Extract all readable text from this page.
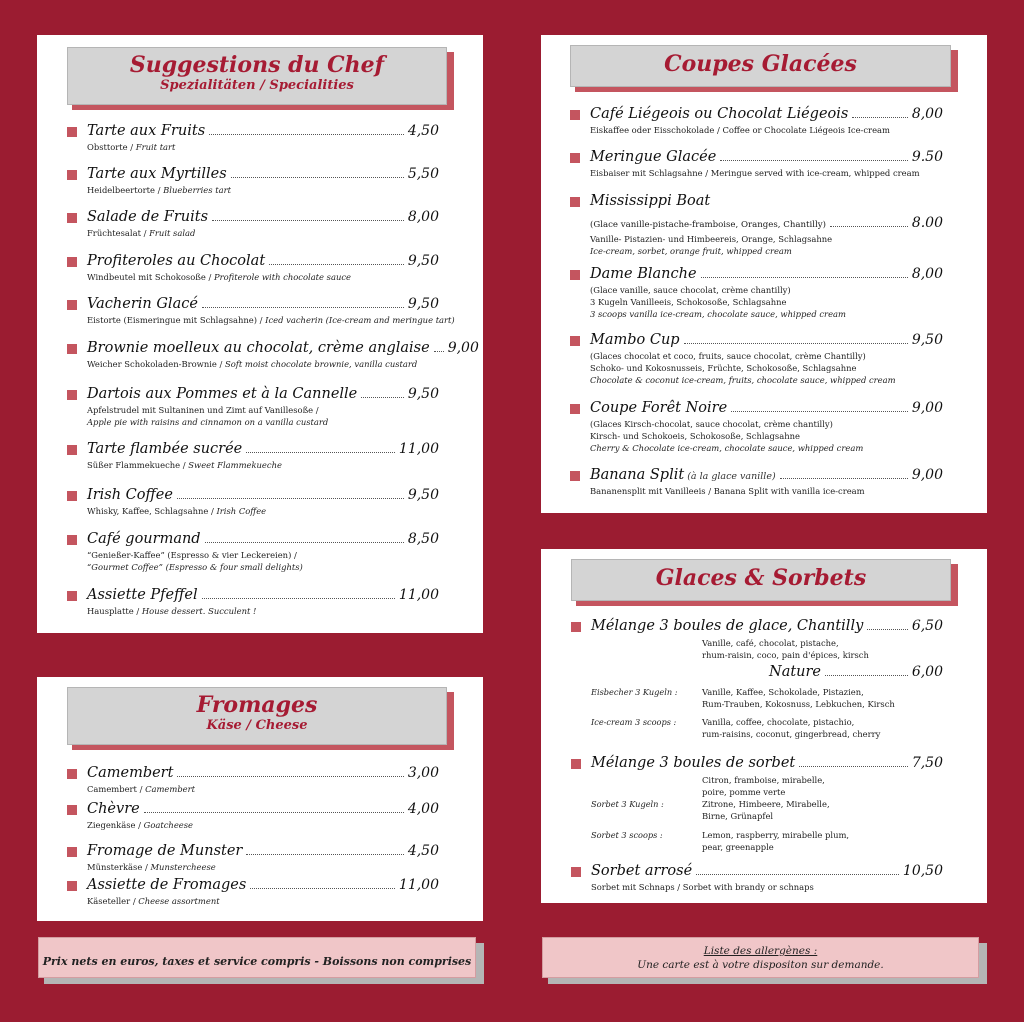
Suggestions du Chef
Spezialitäten / Specialities
Tarte aux Fruits	4,50
Obsttorte / Fruit tart
Tarte aux Myrtilles	5,50
Heidelbeertorte / Blueberries tart
Salade de Fruits	8,00
Früchtesalat / Fruit salad
Profiteroles au Chocolat	9,50
Windbeutel mit Schokosoße / Profiterole with chocolate sauce
Vacherin Glacé	9,50
Eistorte (Eismeringue mit Schlagsahne) / Iced vacherin (Ice-cream and meringue tart)
Brownie moelleux au chocolat, crème anglaise 9,00
Weicher Schokoladen-Brownie / Soft moist chocolate brownie, vanilla custard
Dartois aux Pommes et à la Cannelle	9,50
Apfelstrudel mit Sultaninen und Zimt auf Vanillesoße /
Apple pie with raisins and cinnamon on a vanilla custard
Tarte flambée sucrée	11,00
Süßer Flammekueche / Sweet Flammekueche
Irish Coffee	9,50
Whisky, Kaffee, Schlagsahne / Irish Coffee
Café gourmand	8,50
“Genießer-Kaffee” (Espresso & vier Leckereien) /
“Gourmet Coffee” (Espresso & four small delights)
Assiette Pfeffel	11,00
Hausplatte / House dessert. Succulent !
Fromages
Käse / Cheese
Camembert	3,00
Camembert / Camembert
Chèvre	4,00
Ziegenkäse / Goatcheese
Fromage de Munster	4,50
Münsterkäse / Munstercheese
Assiette de Fromages	11,00
Käseteller / Cheese assortment
Coupes Glacées
Café Liégeois ou Chocolat Liégeois	8,00
Eiskaffee oder Eisschokolade / Coffee or Chocolate Liégeois Ice-cream
Meringue Glacée	9.50
Eisbaiser mit Schlagsahne / Meringue served with ice-cream, whipped cream
Mississippi Boat
(Glace vanille-pistache-framboise, Oranges, Chantilly)	8.00
Vanille- Pistazien- und Himbeereis, Orange, Schlagsahne
Ice-cream, sorbet, orange fruit, whipped cream
Dame Blanche	8,00
(Glace vanille, sauce chocolat, crème chantilly)
3 Kugeln Vanilleeis, Schokosoße, Schlagsahne
3 scoops vanilla ice-cream, chocolate sauce, whipped cream
Mambo Cup	9,50
(Glaces chocolat et coco, fruits, sauce chocolat, crème Chantilly)
Schoko- und Kokosnusseis, Früchte, Schokosoße, Schlagsahne
Chocolate & coconut ice-cream, fruits, chocolate sauce, whipped cream
Coupe Forêt Noire	9,00
(Glaces Kirsch-chocolat, sauce chocolat, crème chantilly)
Kirsch- und Schokoeis, Schokosoße, Schlagsahne
Cherry & Chocolate ice-cream, chocolate sauce, whipped cream
Banana Split (à la glace vanille)	9,00
Bananensplit mit Vanilleeis / Banana Split with vanilla ice-cream
Glaces & Sorbets
Mélange 3 boules de glace, Chantilly	6,50
Vanille, café, chocolat, pistache,
rhum-raisin, coco, pain d'épices, kirsch
Nature	6,00
Eisbecher 3 Kugeln :	Vanille, Kaffee, Schokolade, Pistazien,
Rum-Trauben, Kokosnuss, Lebkuchen, Kirsch
Ice-cream 3 scoops :	Vanilla, coffee, chocolate, pistachio,
rum-raisins, coconut, gingerbread, cherry
Mélange 3 boules de sorbet	7,50
Citron, framboise, mirabelle,
poire, pomme verte
Sorbet 3 Kugeln :	Zitrone, Himbeere, Mirabelle,
Birne, Grünapfel
Sorbet 3 scoops :	Lemon, raspberry, mirabelle plum,
pear, greenapple
Sorbet arrosé	10,50
Sorbet mit Schnaps / Sorbet with brandy or schnaps
Prix nets en euros, taxes et service compris - Boissons non comprises
Liste des allergènes :
Une carte est à votre dispositon sur demande.
